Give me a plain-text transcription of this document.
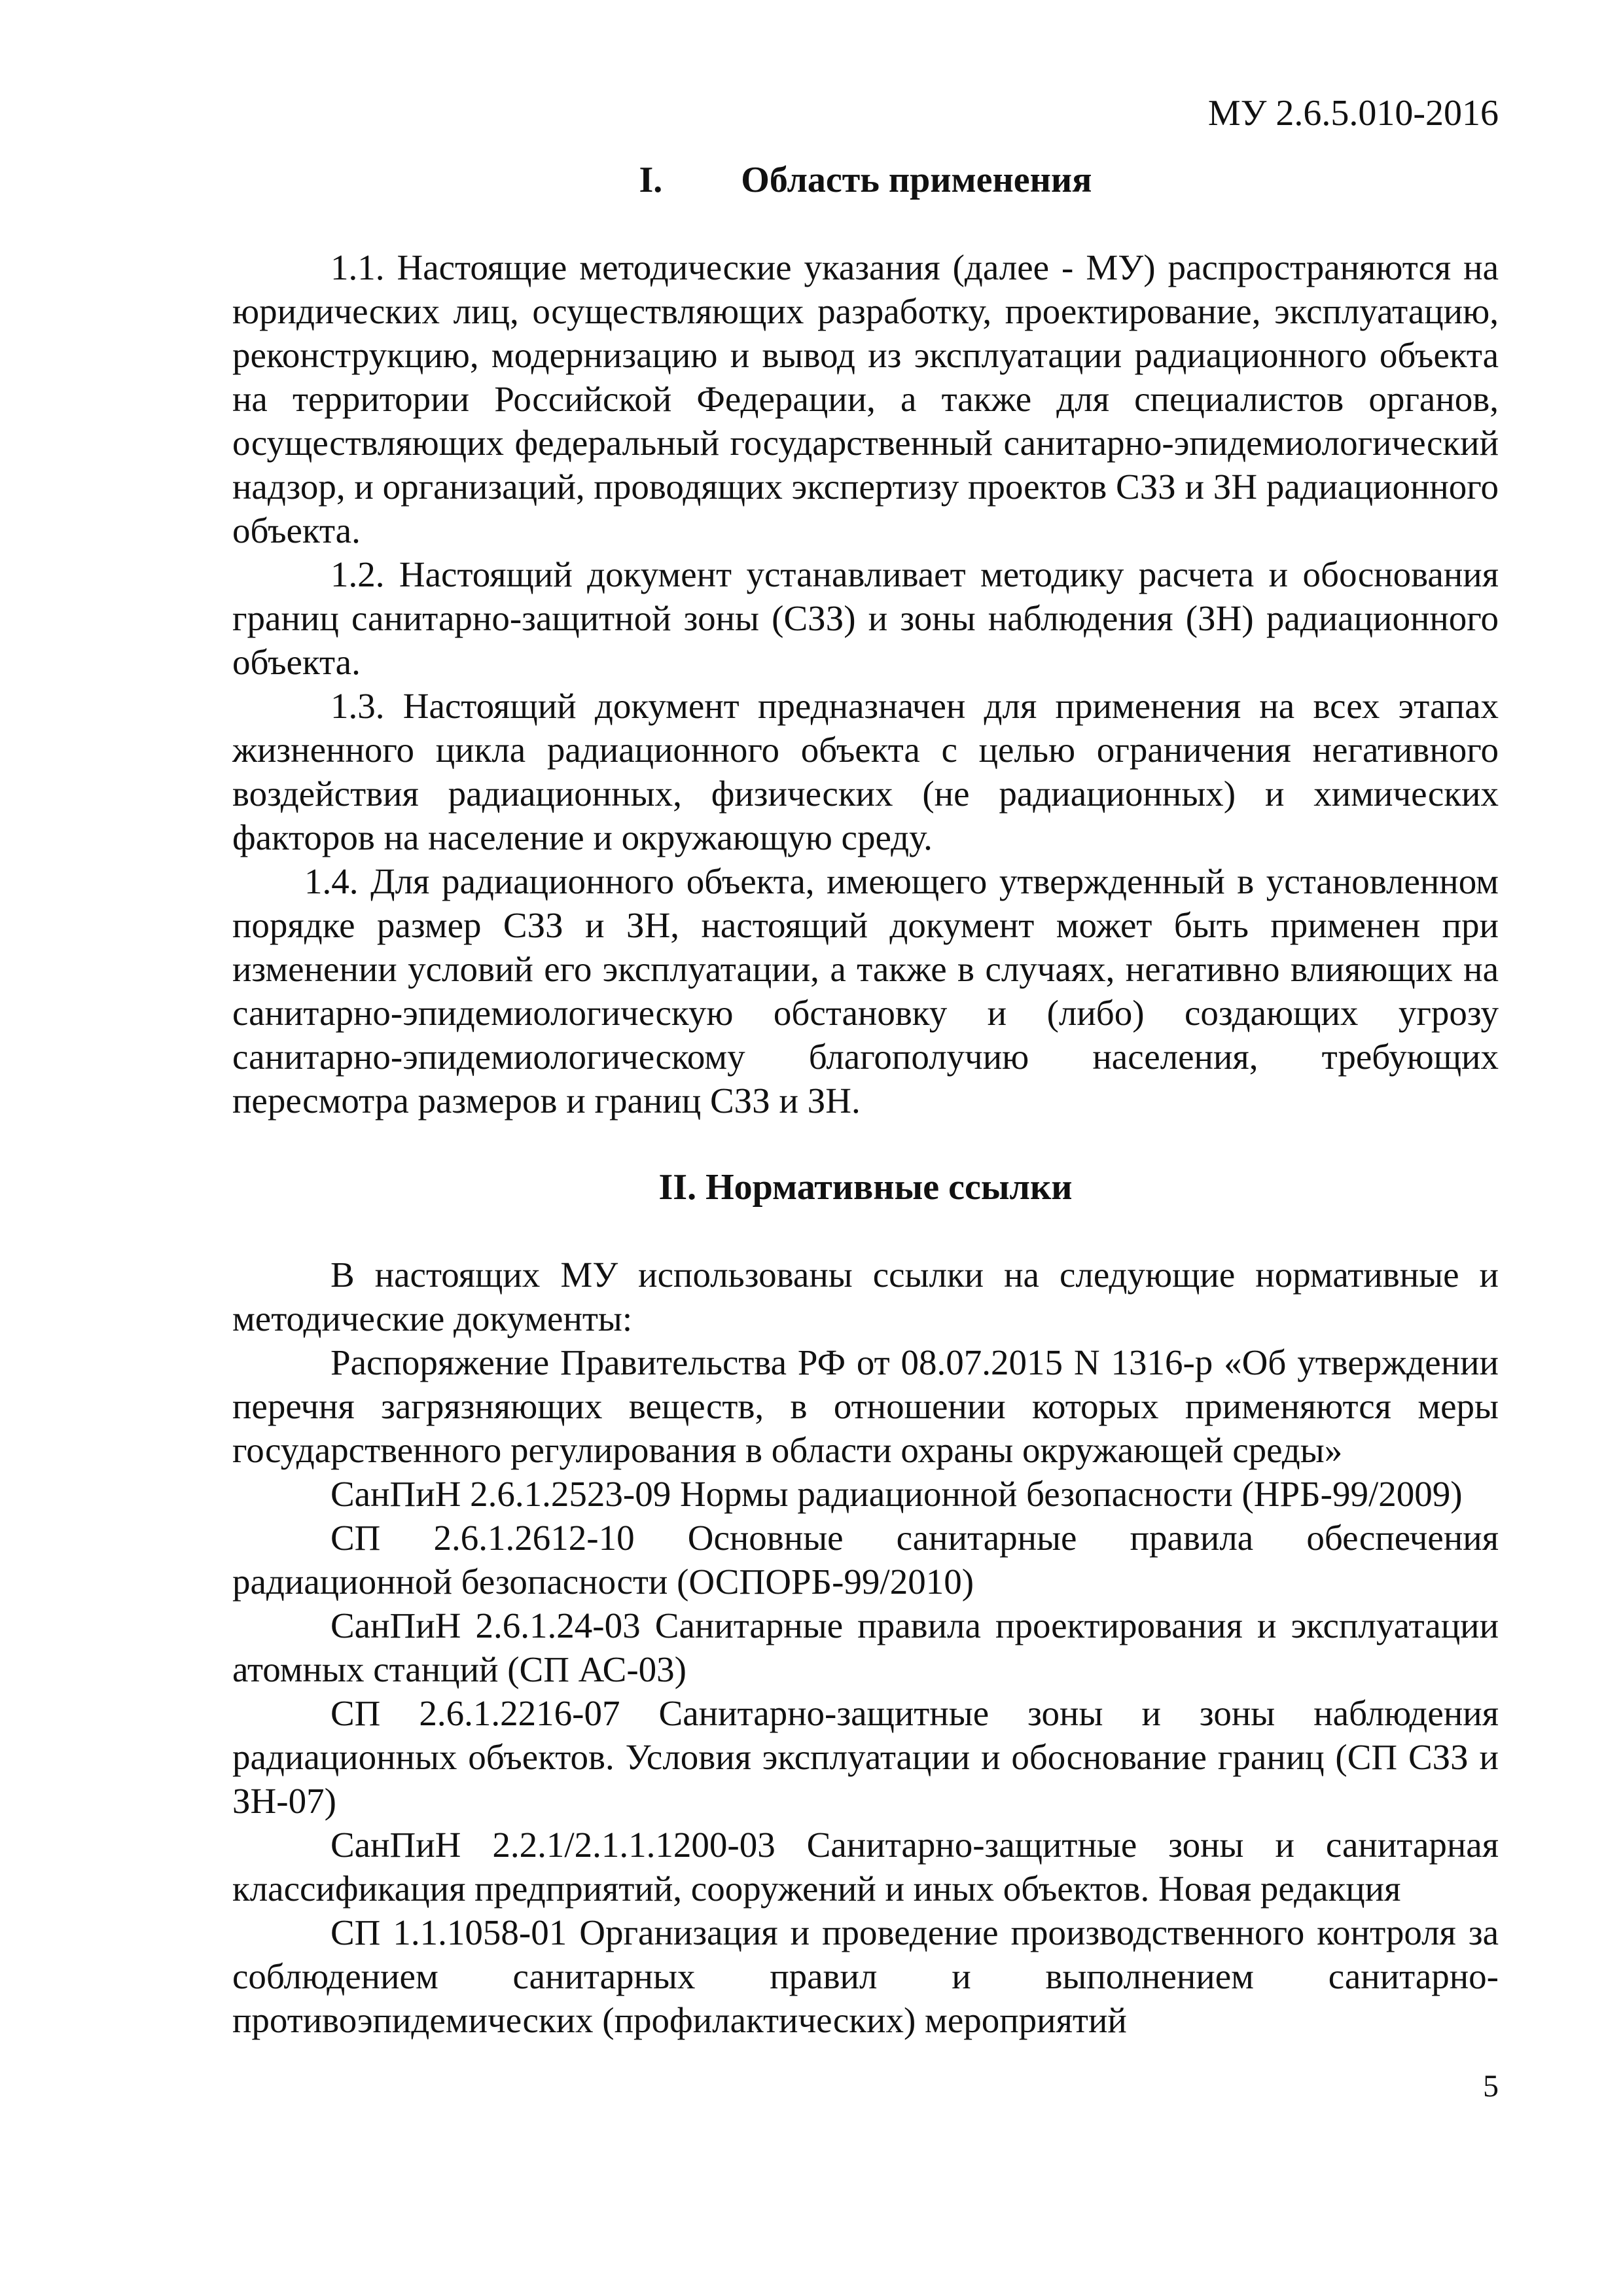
МУ 2.6.5.010-2016
I. Область применения

1.1. Настоящие методические указания (далее - МУ) распространяются на юридических лиц, осуществляющих разработку, проектирование, эксплуатацию, реконструкцию, модернизацию и вывод из эксплуатации радиационного объекта на территории Российской Федерации, а также для специалистов органов, осуществляющих федеральный государственный санитарно-эпидемиологический надзор, и организаций, проводящих экспертизу проектов СЗЗ и ЗН радиационного объекта.

1.2. Настоящий документ устанавливает методику расчета и обоснования границ санитарно-защитной зоны (СЗЗ) и зоны наблюдения (ЗН) радиационного объекта.

1.3. Настоящий документ предназначен для применения на всех этапах жизненного цикла радиационного объекта с целью ограничения негативного воздействия радиационных, физических (не радиационных) и химических факторов на население и окружающую среду.

1.4. Для радиационного объекта, имеющего утвержденный в установленном порядке размер СЗЗ и ЗН, настоящий документ может быть применен при изменении условий его эксплуатации, а также в случаях, негативно влияющих на санитарно-эпидемиологическую обстановку и (либо) создающих угрозу санитарно-эпидемиологическому благополучию населения, требующих пересмотра размеров и границ СЗЗ и ЗН.

II. Нормативные ссылки

В настоящих МУ использованы ссылки на следующие нормативные и методические документы:

Распоряжение Правительства РФ от 08.07.2015 N 1316-р «Об утверждении перечня загрязняющих веществ, в отношении которых применяются меры государственного регулирования в области охраны окружающей среды»

СанПиН 2.6.1.2523-09 Нормы радиационной безопасности (НРБ-99/2009)

СП 2.6.1.2612-10 Основные санитарные правила обеспечения радиационной безопасности (ОСПОРБ-99/2010)

СанПиН 2.6.1.24-03 Санитарные правила проектирования и эксплуатации атомных станций (СП АС-03)

СП 2.6.1.2216-07 Санитарно-защитные зоны и зоны наблюдения радиационных объектов. Условия эксплуатации и обоснование границ (СП СЗЗ и ЗН-07)

СанПиН 2.2.1/2.1.1.1200-03 Санитарно-защитные зоны и санитарная классификация предприятий, сооружений и иных объектов. Новая редакция

СП 1.1.1058-01 Организация и проведение производственного контроля за соблюдением санитарных правил и выполнением санитарно-противоэпидемических (профилактических) мероприятий

5
